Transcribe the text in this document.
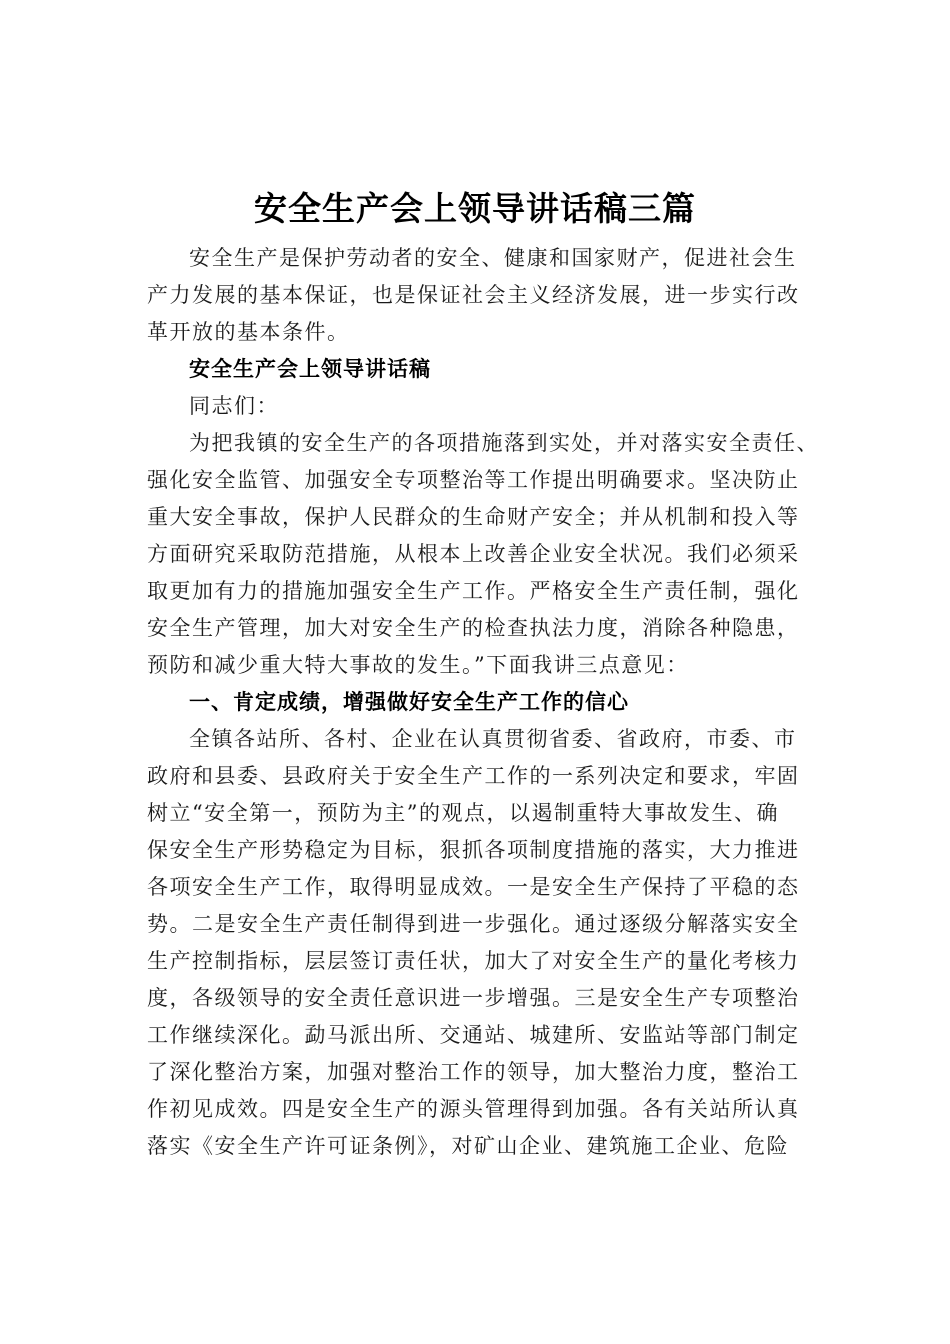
安全生产会上领导讲话稿三篇
安全生产是保护劳动者的安全、健康和国家财产，促进社会生
产力发展的基本保证，也是保证社会主义经济发展，进一步实行改
革开放的基本条件。
安全生产会上领导讲话稿
同志们：
为把我镇的安全生产的各项措施落到实处，并对落实安全责任、
强化安全监管、加强安全专项整治等工作提出明确要求。坚决防止
重大安全事故，保护人民群众的生命财产安全；并从机制和投入等
方面研究采取防范措施，从根本上改善企业安全状况。我们必须采
取更加有力的措施加强安全生产工作。严格安全生产责任制，强化
安全生产管理，加大对安全生产的检查执法力度，消除各种隐患，
预防和减少重大特大事故的发生。”下面我讲三点意见：
一、肯定成绩，增强做好安全生产工作的信心
全镇各站所、各村、企业在认真贯彻省委、省政府，市委、市
政府和县委、县政府关于安全生产工作的一系列决定和要求，牢固
树立“安全第一，预防为主”的观点，以遏制重特大事故发生、确
保安全生产形势稳定为目标，狠抓各项制度措施的落实，大力推进
各项安全生产工作，取得明显成效。一是安全生产保持了平稳的态
势。二是安全生产责任制得到进一步强化。通过逐级分解落实安全
生产控制指标，层层签订责任状，加大了对安全生产的量化考核力
度，各级领导的安全责任意识进一步增强。三是安全生产专项整治
工作继续深化。勐马派出所、交通站、城建所、安监站等部门制定
了深化整治方案，加强对整治工作的领导，加大整治力度，整治工
作初见成效。四是安全生产的源头管理得到加强。各有关站所认真
落实《安全生产许可证条例》，对矿山企业、建筑施工企业、危险
